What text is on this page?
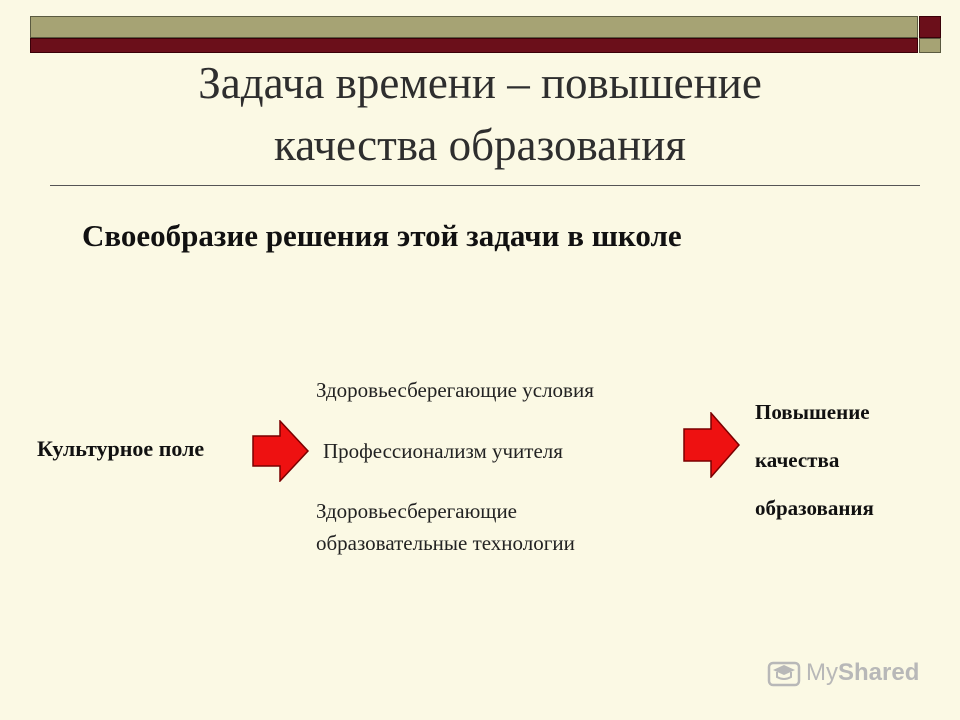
Задача времени – повышение
качества образования
Своеобразие решения этой задачи в школе
Культурное поле
Здоровьесберегающие условия
Профессионализм учителя
Здоровьесберегающие
образовательные технологии
Повышение
качества
образования
My Shared
